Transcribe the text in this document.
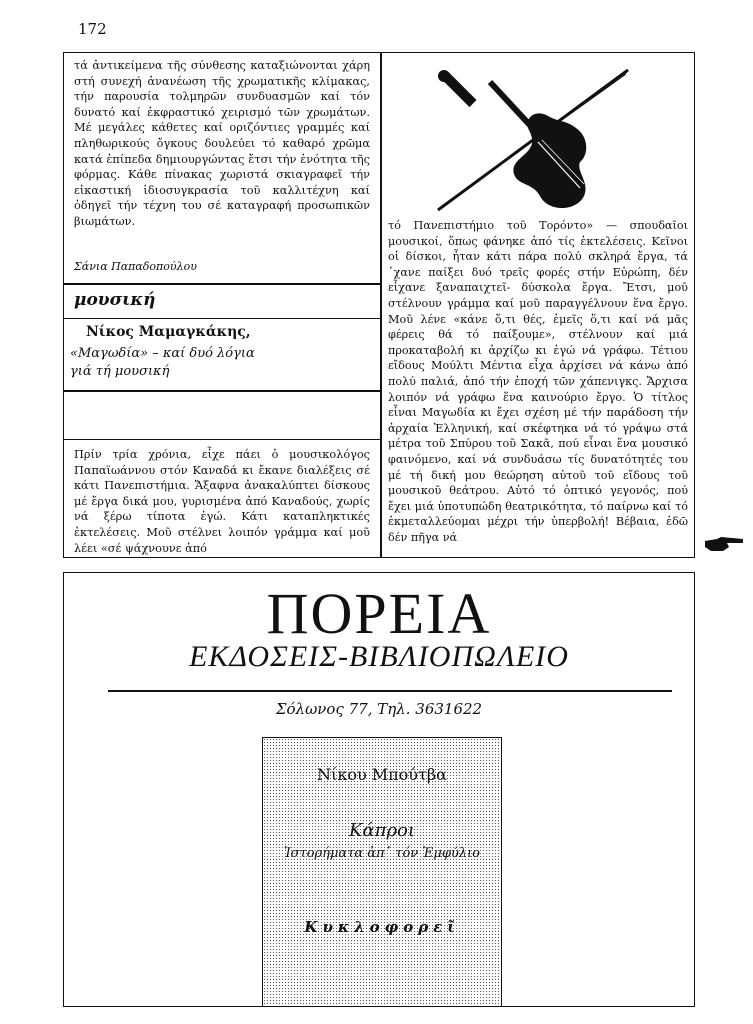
172
τά ἀντικείμενα τῆς σύνθεσης καταξιώνονται χάρη στή συνεχή ἀνανέωση τῆς χρωματικῆς κλίμακας, τήν παρουσία τολμηρῶν συνδυασμῶν καί τόν δυνατό καί ἐκφραστικό χειρισμό τῶν χρωμάτων. Μέ μεγάλες κάθετες καί οριζόντιες γραμμές καί πληθωρικούς ὄγκους δουλεύει τό καθαρό χρῶμα κατά ἐπίπεδα δημιουργώντας ἔτσι τήν ἑνότητα τῆς φόρμας. Κάθε πίνακας χωριστά σκιαγραφεῖ τήν εἰκαστική ἰδιοσυγκρασία τοῦ καλλιτέχνη καί ὁδηγεῖ τήν τέχνη του σέ καταγραφή προσωπικῶν βιωμάτων.
Σάνια Παπαδοπούλου
μουσική
Νίκος Μαμαγκάκης,
«Μαγωδία» – καί δυό λόγια
γιά τή μουσική
Πρίν τρία χρόνια, εἶχε πάει ὁ μουσικολόγος Παπαϊωάννου στόν Καναδά κι ἔκανε διαλέξεις σέ κάτι Πανεπιστήμια. Ἄξαφνα ἀνακαλύπτει δίσκους μέ ἔργα δικά μου, γυρισμένα ἀπό Καναδούς, χωρίς νά ξέρω τίποτα ἐγώ. Κάτι καταπληκτικές ἐκτελέσεις. Μοῦ στέλνει λοιπόν γράμμα καί μοῦ λέει «σέ ψάχνουνε ἀπό
τό Πανεπιστήμιο τοῦ Τορόντο» — σπουδαῖοι μουσικοί, ὅπως φάνηκε ἀπό τίς ἐκτελέσεις. Κεῖνοι οἱ δίσκοι, ἦταν κάτι πάρα πολύ σκληρά ἔργα, τά ᾽χανε παίξει δυό τρεῖς φορές στήν Εὐρώπη, δέν εἶχανε ξαναπαιχτεῖ- δύσκολα ἔργα. Ἔτσι, μοῦ στέλνουν γράμμα καί μοῦ παραγγέλνουν ἕνα ἔργο. Μοῦ λένε «κάνε ὅ,τι θές, ἐμεῖς ὅ,τι καί νά μᾶς φέρεις θά τό παίξουμε», στέλνουν καί μιά προκαταβολή κι ἀρχίζω κι ἐγώ νά γράφω. Τέτιου εἴδους Μούλτι Μέντια εἶχα ἀρχίσει νά κάνω ἀπό πολύ παλιά, ἀπό τήν ἐποχή τῶν χάπενιγκς. Ἄρχισα λοιπόν νά γράφω ἕνα καινούριο ἔργο. Ὁ τίτλος εἶναι Μαγωδία κι ἔχει σχέση μέ τήν παράδοση τήν ἀρχαία Ἑλληνική, καί σκέφτηκα νά τό γράψω στά μέτρα τοῦ Σπύρου τοῦ Σακᾶ, πού εἶναι ἕνα μουσικό φαινόμενο, καί νά συνδυάσω τίς δυνατότητές του μέ τή δική μου θεώρηση αὐτοῦ τοῦ εἴδους τοῦ μουσικοῦ θεάτρου. Αὐτό τό ὀπτικό γεγονός, πού ἔχει μιά ὑποτυπώδη θεατρικότητα, τό παίρνω καί τό ἐκμεταλλεύομαι μέχρι τήν ὑπερβολή! Βέβαια, ἐδῶ δέν πῆγα νά
ΠΟΡΕΙΑ
ΕΚΔΟΣΕΙΣ-ΒΙΒΛΙΟΠΩΛΕΙΟ
Σόλωνος 77, Τηλ. 3631622
Νίκου Μπούτβα
Κάπροι
Ἱστορήματα ἀπ᾽ τόν Ἐμφύλιο
Κυκλοφορεῖ
